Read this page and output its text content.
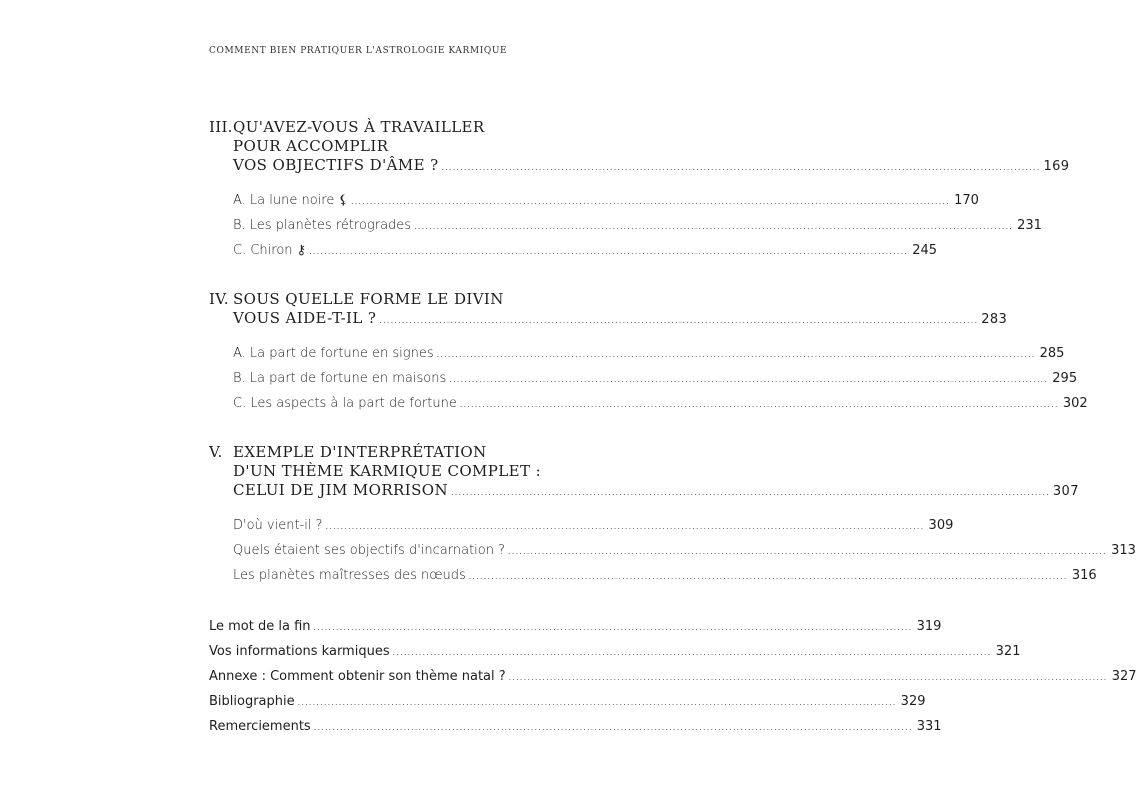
COMMENT BIEN PRATIQUER L'ASTROLOGIE KARMIQUE
III. QU'AVEZ-VOUS À TRAVAILLER
POUR ACCOMPLIR
VOS OBJECTIFS D'ÂME ? .....	169
A. La lune noire ⚸ .....	170
B. Les planètes rétrogrades .....	231
C. Chiron ⚷ .....	245
IV. SOUS QUELLE FORME LE DIVIN
VOUS AIDE-T-IL ? .....	283
A. La part de fortune en signes .....	285
B. La part de fortune en maisons .....	295
C. Les aspects à la part de fortune .....	302
V. EXEMPLE D'INTERPRÉTATION
D'UN THÈME KARMIQUE COMPLET :
CELUI DE JIM MORRISON .....	307
D'où vient-il ? .....	309
Quels étaient ses objectifs d'incarnation ? .....	313
Les planètes maîtresses des nœuds .....	316
Le mot de la fin .....	319
Vos informations karmiques .....	321
Annexe : Comment obtenir son thème natal ? .....	327
Bibliographie .....	329
Remerciements .....	331
